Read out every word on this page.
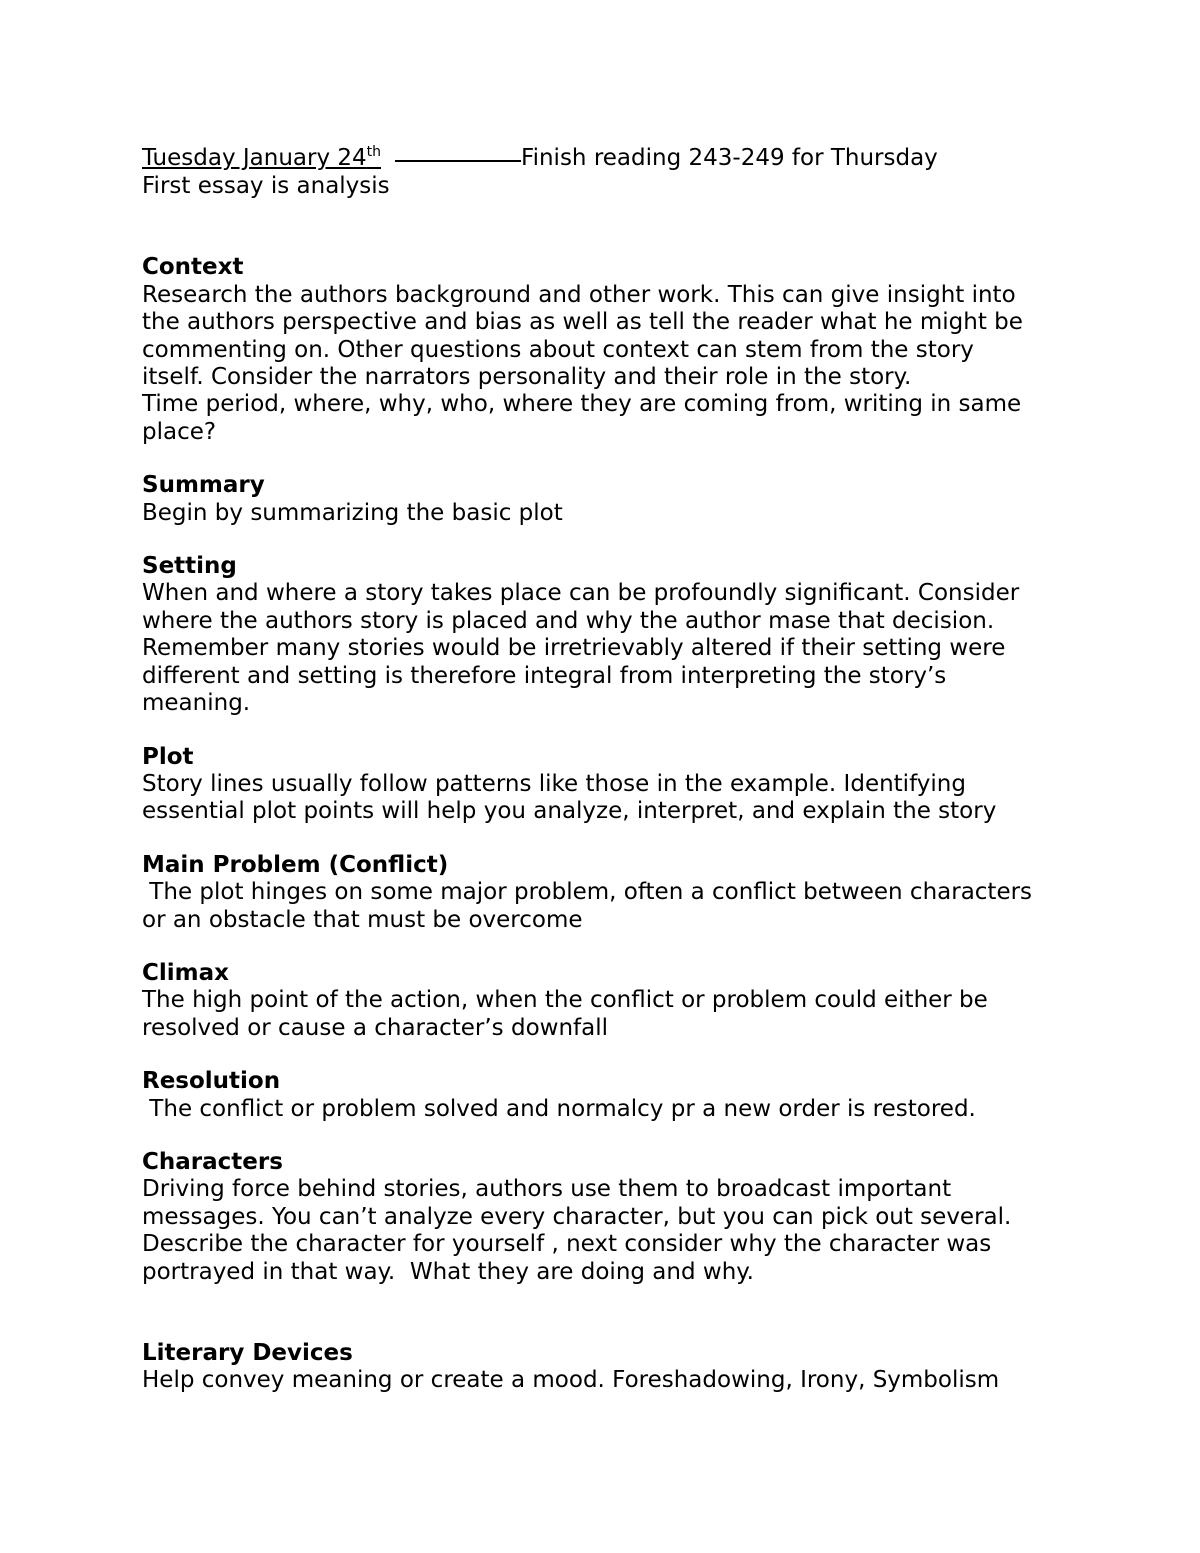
Tuesday January 24th	Finish reading 243-249 for Thursday
First essay is analysis
Context
Research the authors background and other work. This can give insight into
the authors perspective and bias as well as tell the reader what he might be
commenting on. Other questions about context can stem from the story
itself. Consider the narrators personality and their role in the story.
Time period, where, why, who, where they are coming from, writing in same
place?
Summary
Begin by summarizing the basic plot
Setting
When and where a story takes place can be profoundly significant. Consider
where the authors story is placed and why the author mase that decision.
Remember many stories would be irretrievably altered if their setting were
different and setting is therefore integral from interpreting the story’s
meaning.
Plot
Story lines usually follow patterns like those in the example. Identifying
essential plot points will help you analyze, interpret, and explain the story
Main Problem (Conflict)
The plot hinges on some major problem, often a conflict between characters
or an obstacle that must be overcome
Climax
The high point of the action, when the conflict or problem could either be
resolved or cause a character’s downfall
Resolution
The conflict or problem solved and normalcy pr a new order is restored.
Characters
Driving force behind stories, authors use them to broadcast important
messages. You can’t analyze every character, but you can pick out several.
Describe the character for yourself , next consider why the character was
portrayed in that way.  What they are doing and why.
Literary Devices
Help convey meaning or create a mood. Foreshadowing, Irony, Symbolism
